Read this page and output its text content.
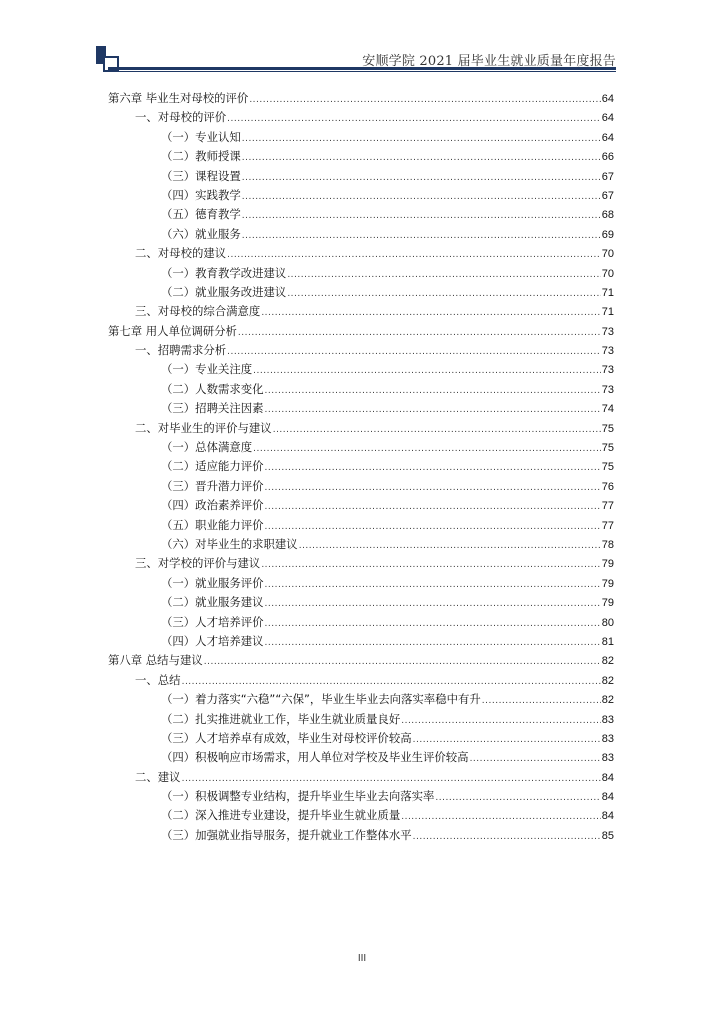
安顺学院 2021 届毕业生就业质量年度报告
第六章 毕业生对母校的评价 .....	64
一、对母校的评价 .....	64
（一）专业认知 .....	64
（二）教师授课 .....	66
（三）课程设置 .....	67
（四）实践教学 .....	67
（五）德育教学 .....	68
（六）就业服务 .....	69
二、对母校的建议 .....	70
（一）教育教学改进建议 .....	70
（二）就业服务改进建议 .....	71
三、对母校的综合满意度 .....	71
第七章 用人单位调研分析 .....	73
一、招聘需求分析 .....	73
（一）专业关注度 .....	73
（二）人数需求变化 .....	73
（三）招聘关注因素 .....	74
二、对毕业生的评价与建议 .....	75
（一）总体满意度 .....	75
（二）适应能力评价 .....	75
（三）晋升潜力评价 .....	76
（四）政治素养评价 .....	77
（五）职业能力评价 .....	77
（六）对毕业生的求职建议 .....	78
三、对学校的评价与建议 .....	79
（一）就业服务评价 .....	79
（二）就业服务建议 .....	79
（三）人才培养评价 .....	80
（四）人才培养建议 .....	81
第八章 总结与建议 .....	82
一、总结 .....	82
（一）着力落实“六稳”“六保”，毕业生毕业去向落实率稳中有升 .....	82
（二）扎实推进就业工作，毕业生就业质量良好 .....	83
（三）人才培养卓有成效，毕业生对母校评价较高 .....	83
（四）积极响应市场需求，用人单位对学校及毕业生评价较高 .....	83
二、建议 .....	84
（一）积极调整专业结构，提升毕业生毕业去向落实率 .....	84
（二）深入推进专业建设，提升毕业生就业质量 .....	84
（三）加强就业指导服务，提升就业工作整体水平 .....	85
III
